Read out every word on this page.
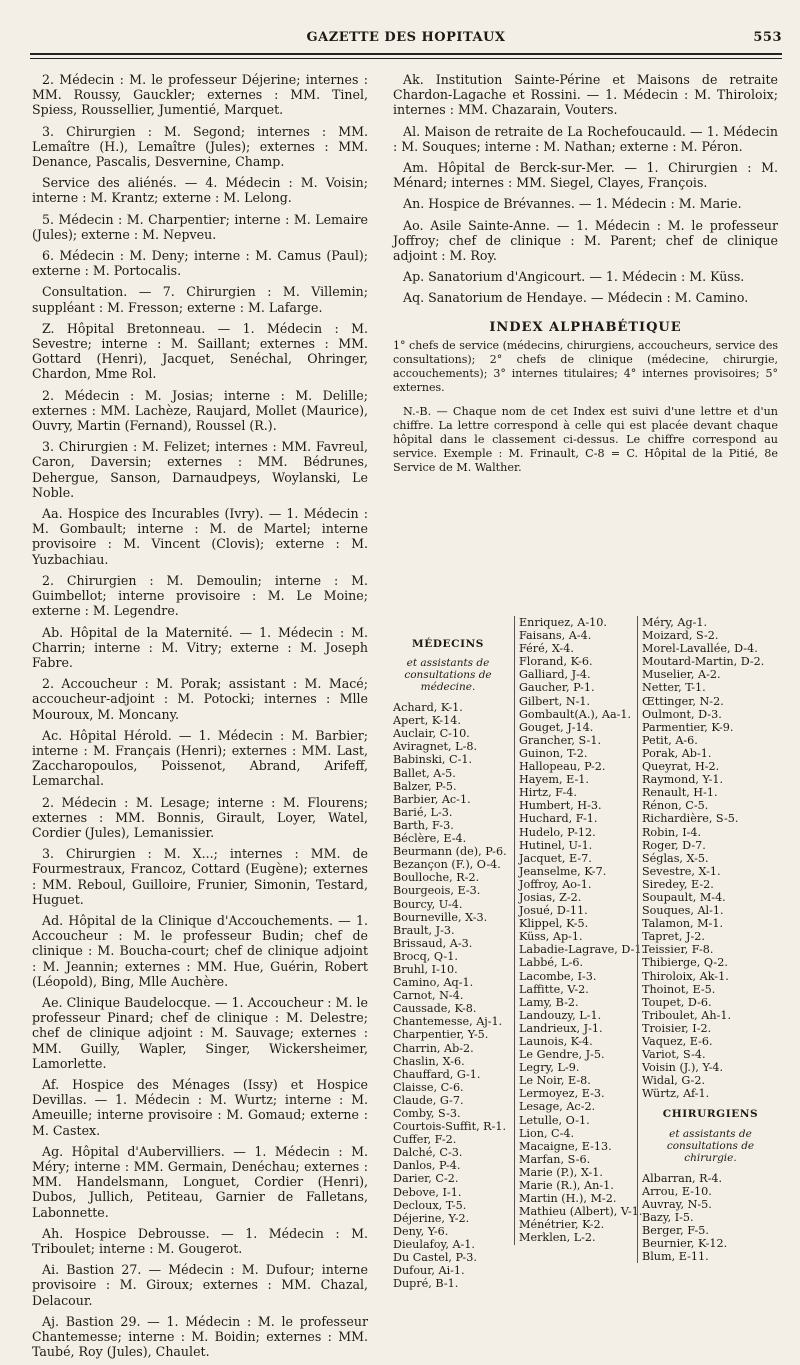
GAZETTE DES HOPITAUX	553

2. Médecin : M. le professeur Déjerine; internes : MM. Roussy, Gauckler; externes : MM. Tinel, Spiess, Roussellier, Jumentié, Marquet.

3. Chirurgien : M. Segond; internes : MM. Lemaître (H.), Lemaître (Jules); externes : MM. Denance, Pascalis, Desvernine, Champ.

Service des aliénés. — 4. Médecin : M. Voisin; interne : M. Krantz; externe : M. Lelong.

5. Médecin : M. Charpentier; interne : M. Lemaire (Jules); externe : M. Nepveu.

6. Médecin : M. Deny; interne : M. Camus (Paul); externe : M. Portocalis.

Consultation. — 7. Chirurgien : M. Villemin; suppléant : M. Fresson; externe : M. Lafarge.

Z. Hôpital Bretonneau. — 1. Médecin : M. Sevestre; interne : M. Saillant; externes : MM. Gottard (Henri), Jacquet, Senéchal, Ohringer, Chardon, Mme Rol.

2. Médecin : M. Josias; interne : M. Delille; externes : MM. Lachèze, Raujard, Mollet (Maurice), Ouvry, Martin (Fernand), Roussel (R.).

3. Chirurgien : M. Felizet; internes : MM. Favreul, Caron, Daversin; externes : MM. Bédrunes, Dehergue, Sanson, Darnaudpeys, Woylanski, Le Noble.

Aa. Hospice des Incurables (Ivry). — 1. Médecin : M. Gombault; interne : M. de Martel; interne provisoire : M. Vincent (Clovis); externe : M. Yuzbachiau.

2. Chirurgien : M. Demoulin; interne : M. Guimbellot; interne provisoire : M. Le Moine; externe : M. Legendre.

Ab. Hôpital de la Maternité. — 1. Médecin : M. Charrin; interne : M. Vitry; externe : M. Joseph Fabre.

2. Accoucheur : M. Porak; assistant : M. Macé; accoucheur-adjoint : M. Potocki; internes : Mlle Mouroux, M. Moncany.

Ac. Hôpital Hérold. — 1. Médecin : M. Barbier; interne : M. Français (Henri); externes : MM. Last, Zaccharopoulos, Poissenot, Abrand, Arifeff, Lemarchal.

2. Médecin : M. Lesage; interne : M. Flourens; externes : MM. Bonnis, Girault, Loyer, Watel, Cordier (Jules), Lemanissier.

3. Chirurgien : M. X...; internes : MM. de Fourmestraux, Francoz, Cottard (Eugène); externes : MM. Reboul, Guilloire, Frunier, Simonin, Testard, Huguet.

Ad. Hôpital de la Clinique d'Accouchements. — 1. Accoucheur : M. le professeur Budin; chef de clinique : M. Boucha-court; chef de clinique adjoint : M. Jeannin; externes : MM. Hue, Guérin, Robert (Léopold), Bing, Mlle Auchère.

Ae. Clinique Baudelocque. — 1. Accoucheur : M. le professeur Pinard; chef de clinique : M. Delestre; chef de clinique adjoint : M. Sauvage; externes : MM. Guilly, Wapler, Singer, Wickersheimer, Lamorlette.

Af. Hospice des Ménages (Issy) et Hospice Devillas. — 1. Médecin : M. Wurtz; interne : M. Ameuille; interne provisoire : M. Gomaud; externe : M. Castex.

Ag. Hôpital d'Aubervilliers. — 1. Médecin : M. Méry; interne : MM. Germain, Denéchau; externes : MM. Handelsmann, Longuet, Cordier (Henri), Dubos, Jullich, Petiteau, Garnier de Falletans, Labonnette.

Ah. Hospice Debrousse. — 1. Médecin : M. Triboulet; interne : M. Gougerot.

Ai. Bastion 27. — Médecin : M. Dufour; interne provisoire : M. Giroux; externes : MM. Chazal, Delacour.

Aj. Bastion 29. — 1. Médecin : M. le professeur Chantemesse; interne : M. Boidin; externes : MM. Taubé, Roy (Jules), Chaulet.

Ak. Institution Sainte-Périne et Maisons de retraite Chardon-Lagache et Rossini. — 1. Médecin : M. Thiroloix; internes : MM. Chazarain, Vouters.

Al. Maison de retraite de La Rochefoucauld. — 1. Médecin : M. Souques; interne : M. Nathan; externe : M. Péron.

Am. Hôpital de Berck-sur-Mer. — 1. Chirurgien : M. Ménard; internes : MM. Siegel, Clayes, François.

An. Hospice de Brévannes. — 1. Médecin : M. Marie.

Ao. Asile Sainte-Anne. — 1. Médecin : M. le professeur Joffroy; chef de clinique : M. Parent; chef de clinique adjoint : M. Roy.

Ap. Sanatorium d'Angicourt. — 1. Médecin : M. Küss.

Aq. Sanatorium de Hendaye. — Médecin : M. Camino.

INDEX ALPHABÉTIQUE

1° chefs de service (médecins, chirurgiens, accoucheurs, service des consultations); 2° chefs de clinique (médecine, chirurgie, accouchements); 3° internes titulaires; 4° internes provisoires; 5° externes.

N.-B. — Chaque nom de cet Index est suivi d'une lettre et d'un chiffre. La lettre correspond à celle qui est placée devant chaque hôpital dans le classement ci-dessus. Le chiffre correspond au service. Exemple : M. Frinault, C-8 = C. Hôpital de la Pitié, 8e Service de M. Walther.

MÉDECINS
et assistants de consultations de médecine.
Achard, K-1.
Apert, K-14.
Auclair, C-10.
Aviragnet, L-8.
Babinski, C-1.
Ballet, A-5.
Balzer, P-5.
Barbier, Ac-1.
Barié, L-3.
Barth, F-3.
Béclère, E-4.
Beurmann (de), P-6.
Bezançon (F.), O-4.
Boulloche, R-2.
Bourgeois, E-3.
Bourcy, U-4.
Bourneville, X-3.
Brault, J-3.
Brissaud, A-3.
Brocq, Q-1.
Bruhl, I-10.
Camino, Aq-1.
Carnot, N-4.
Caussade, K-8.
Chantemesse, Aj-1.
Charpentier, Y-5.
Charrin, Ab-2.
Chaslin, X-6.
Chauffard, G-1.
Claisse, C-6.
Claude, G-7.
Comby, S-3.
Courtois-Suffit, R-1.
Cuffer, F-2.
Dalché, C-3.
Danlos, P-4.
Darier, C-2.
Debove, I-1.
Decloux, T-5.
Déjerine, Y-2.
Deny, Y-6.
Dieulafoy, A-1.
Du Castel, P-3.
Dufour, Ai-1.
Dupré, B-1.
Enriquez, A-10.
Faisans, A-4.
Féré, X-4.
Florand, K-6.
Galliard, J-4.
Gaucher, P-1.
Gilbert, N-1.
Gombault(A.), Aa-1.
Gouget, J-14.
Grancher, S-1.
Guinon, T-2.
Hallopeau, P-2.
Hayem, E-1.
Hirtz, F-4.
Humbert, H-3.
Huchard, F-1.
Hudelo, P-12.
Hutinel, U-1.
Jacquet, E-7.
Jeanselme, K-7.
Joffroy, Ao-1.
Josias, Z-2.
Josué, D-11.
Klippel, K-5.
Küss, Ap-1.
Labadie-Lagrave, D-1.
Labbé, L-6.
Lacombe, I-3.
Laffitte, V-2.
Lamy, B-2.
Landouzy, L-1.
Landrieux, J-1.
Launois, K-4.
Le Gendre, J-5.
Legry, L-9.
Le Noir, E-8.
Lermoyez, E-3.
Lesage, Ac-2.
Letulle, O-1.
Lion, C-4.
Macaigne, E-13.
Marfan, S-6.
Marie (P.), X-1.
Marie (R.), An-1.
Martin (H.), M-2.
Mathieu (Albert), V-1.
Ménétrier, K-2.
Merklen, L-2.
Méry, Ag-1.
Moizard, S-2.
Morel-Lavallée, D-4.
Moutard-Martin, D-2.
Muselier, A-2.
Netter, T-1.
Œttinger, N-2.
Oulmont, D-3.
Parmentier, K-9.
Petit, A-6.
Porak, Ab-1.
Queyrat, H-2.
Raymond, Y-1.
Renault, H-1.
Rénon, C-5.
Richardière, S-5.
Robin, I-4.
Roger, D-7.
Séglas, X-5.
Sevestre, X-1.
Siredey, E-2.
Soupault, M-4.
Souques, Al-1.
Talamon, M-1.
Tapret, J-2.
Teissier, F-8.
Thibierge, Q-2.
Thiroloix, Ak-1.
Thoinot, E-5.
Toupet, D-6.
Triboulet, Ah-1.
Troisier, I-2.
Vaquez, E-6.
Variot, S-4.
Voisin (J.), Y-4.
Widal, G-2.
Würtz, Af-1.
CHIRURGIENS
et assistants de consultations de chirurgie.
Albarran, R-4.
Arrou, E-10.
Auvray, N-5.
Bazy, I-5.
Berger, F-5.
Beurnier, K-12.
Blum, E-11.
